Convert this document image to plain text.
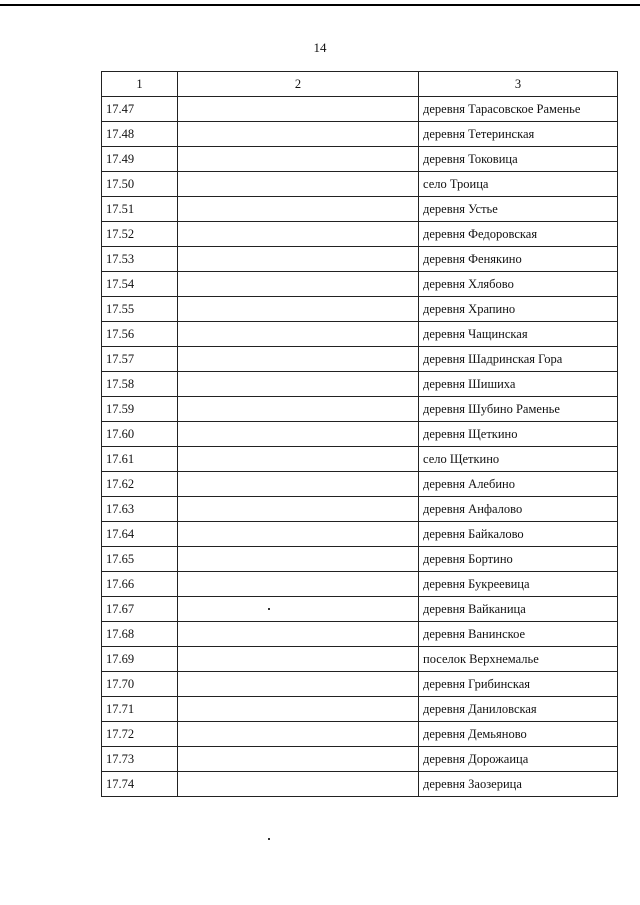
14
1	2	3
17.47		деревня Тарасовское Раменье
17.48		деревня Тетеринская
17.49		деревня Токовица
17.50		село Троица
17.51		деревня Устье
17.52		деревня Федоровская
17.53		деревня Фенякино
17.54		деревня Хлябово
17.55		деревня Храпино
17.56		деревня Чащинская
17.57		деревня Шадринская Гора
17.58		деревня Шишиха
17.59		деревня Шубино Раменье
17.60		деревня Щеткино
17.61		село Щеткино
17.62		деревня Алебино
17.63		деревня Анфалово
17.64		деревня Байкалово
17.65		деревня Бортино
17.66		деревня Букреевица
17.67		деревня Вайканица
17.68		деревня Ванинское
17.69		поселок Верхнемалье
17.70		деревня Грибинская
17.71		деревня Даниловская
17.72		деревня Демьяново
17.73		деревня Дорожаица
17.74		деревня Заозерица
